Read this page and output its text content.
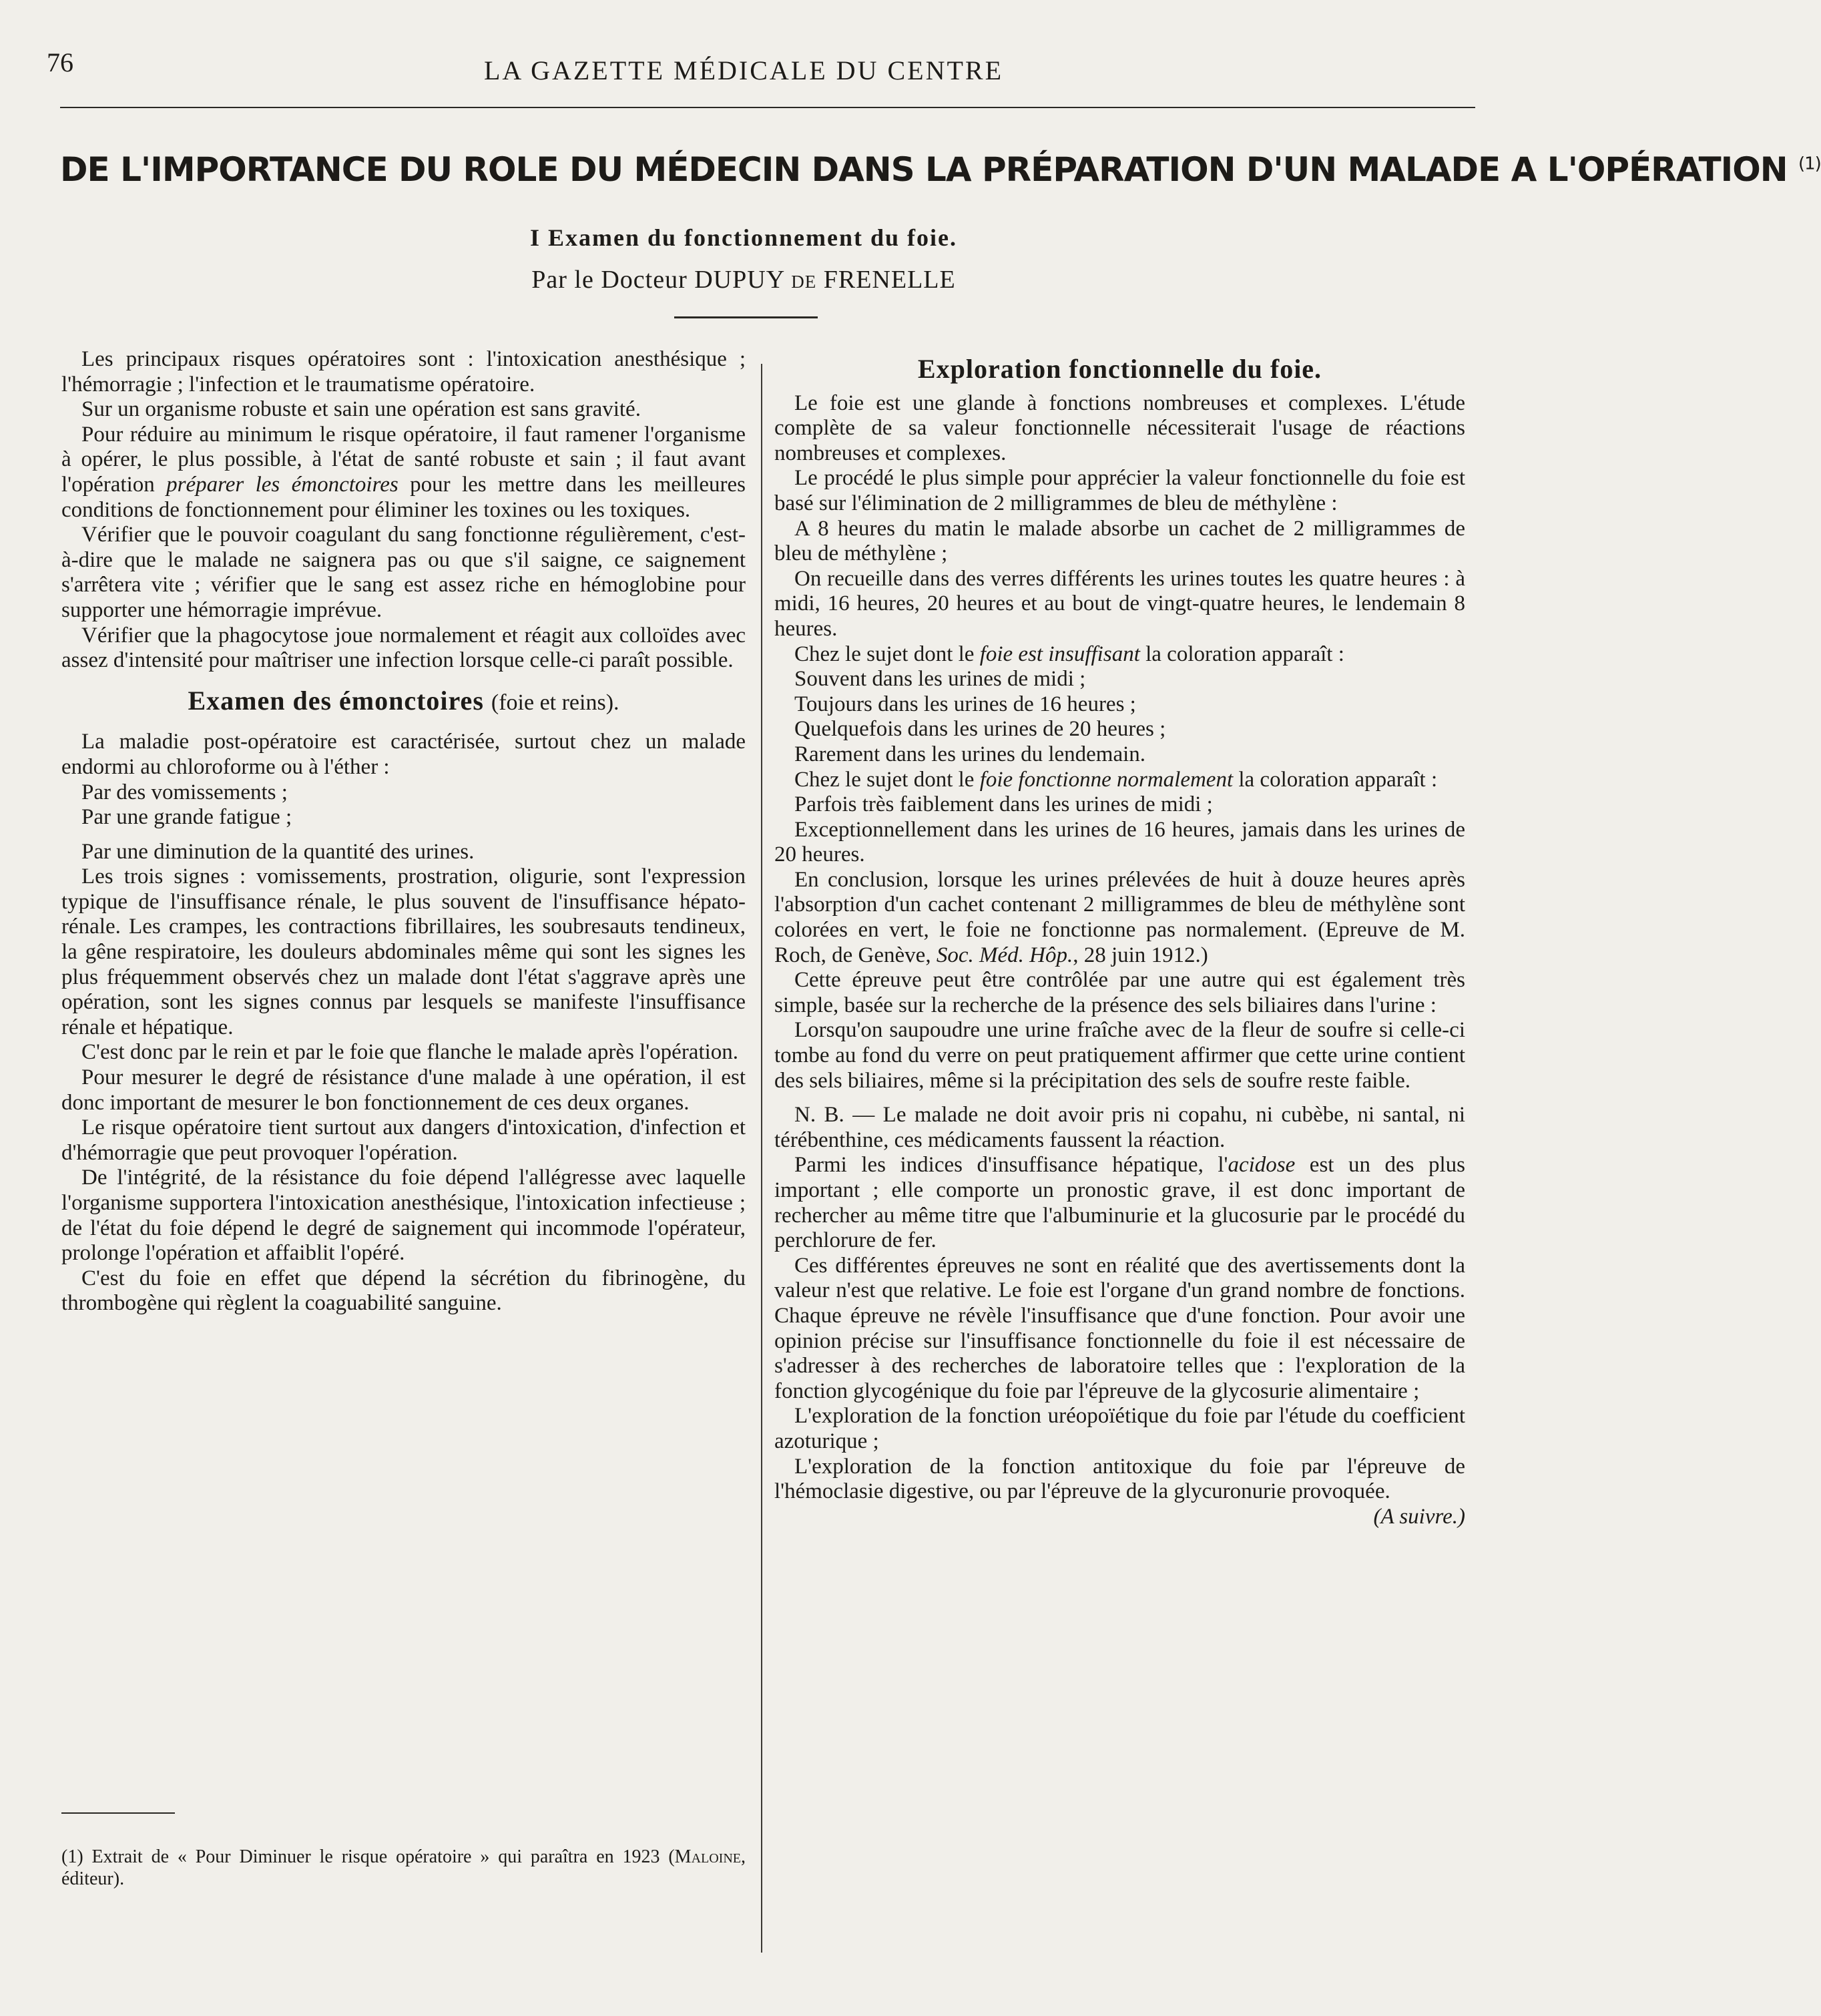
76	LA GAZETTE MÉDICALE DU CENTRE
DE L'IMPORTANCE DU ROLE DU MÉDECIN DANS LA PRÉPARATION D'UN MALADE A L'OPÉRATION $^{(1)}$
I Examen du fonctionnement du foie.
Par le Docteur DUPUY de FRENELLE

Les principaux risques opératoires sont : l'intoxication anesthésique ; l'hémorragie ; l'infection et le traumatisme opératoire.

Sur un organisme robuste et sain une opération est sans gravité.

Pour réduire au minimum le risque opératoire, il faut ramener l'organisme à opérer, le plus possible, à l'état de santé robuste et sain ; il faut avant l'opération préparer les émonctoires pour les mettre dans les meilleures conditions de fonctionnement pour éliminer les toxines ou les toxiques.

Vérifier que le pouvoir coagulant du sang fonctionne régulièrement, c'est-à-dire que le malade ne saignera pas ou que s'il saigne, ce saignement s'arrêtera vite ; vérifier que le sang est assez riche en hémoglobine pour supporter une hémorragie imprévue.

Vérifier que la phagocytose joue normalement et réagit aux colloïdes avec assez d'intensité pour maîtriser une infection lorsque celle-ci paraît possible.

Examen des émonctoires (foie et reins).

La maladie post-opératoire est caractérisée, surtout chez un malade endormi au chloroforme ou à l'éther :

Par des vomissements ;

Par une grande fatigue ;

Par une diminution de la quantité des urines.

Les trois signes : vomissements, prostration, oligurie, sont l'expression typique de l'insuffisance rénale, le plus souvent de l'insuffisance hépato-rénale. Les crampes, les contractions fibrillaires, les soubresauts tendineux, la gêne respiratoire, les douleurs abdominales même qui sont les signes les plus fréquemment observés chez un malade dont l'état s'aggrave après une opération, sont les signes connus par lesquels se manifeste l'insuffisance rénale et hépatique.

C'est donc par le rein et par le foie que flanche le malade après l'opération.

Pour mesurer le degré de résistance d'une malade à une opération, il est donc important de mesurer le bon fonctionnement de ces deux organes.

Le risque opératoire tient surtout aux dangers d'intoxication, d'infection et d'hémorragie que peut provoquer l'opération.

De l'intégrité, de la résistance du foie dépend l'allégresse avec laquelle l'organisme supportera l'intoxication anesthésique, l'intoxication infectieuse ; de l'état du foie dépend le degré de saignement qui incommode l'opérateur, prolonge l'opération et affaiblit l'opéré.

C'est du foie en effet que dépend la sécrétion du fibrinogène, du thrombogène qui règlent la coaguabilité sanguine.

Exploration fonctionnelle du foie.

Le foie est une glande à fonctions nombreuses et complexes. L'étude complète de sa valeur fonctionnelle nécessiterait l'usage de réactions nombreuses et complexes.

Le procédé le plus simple pour apprécier la valeur fonctionnelle du foie est basé sur l'élimination de 2 milligrammes de bleu de méthylène :

A 8 heures du matin le malade absorbe un cachet de 2 milligrammes de bleu de méthylène ;

On recueille dans des verres différents les urines toutes les quatre heures : à midi, 16 heures, 20 heures et au bout de vingt-quatre heures, le lendemain 8 heures.

Chez le sujet dont le foie est insuffisant la coloration apparaît :

Souvent dans les urines de midi ;

Toujours dans les urines de 16 heures ;

Quelquefois dans les urines de 20 heures ;

Rarement dans les urines du lendemain.

Chez le sujet dont le foie fonctionne normalement la coloration apparaît :

Parfois très faiblement dans les urines de midi ;

Exceptionnellement dans les urines de 16 heures, jamais dans les urines de 20 heures.

En conclusion, lorsque les urines prélevées de huit à douze heures après l'absorption d'un cachet contenant 2 milligrammes de bleu de méthylène sont colorées en vert, le foie ne fonctionne pas normalement. (Epreuve de M. Roch, de Genève, Soc. Méd. Hôp., 28 juin 1912.)

Cette épreuve peut être contrôlée par une autre qui est également très simple, basée sur la recherche de la présence des sels biliaires dans l'urine :

Lorsqu'on saupoudre une urine fraîche avec de la fleur de soufre si celle-ci tombe au fond du verre on peut pratiquement affirmer que cette urine contient des sels biliaires, même si la précipitation des sels de soufre reste faible.

N. B. — Le malade ne doit avoir pris ni copahu, ni cubèbe, ni santal, ni térébenthine, ces médicaments faussent la réaction.

Parmi les indices d'insuffisance hépatique, l'acidose est un des plus important ; elle comporte un pronostic grave, il est donc important de rechercher au même titre que l'albuminurie et la glucosurie par le procédé du perchlorure de fer.

Ces différentes épreuves ne sont en réalité que des avertissements dont la valeur n'est que relative. Le foie est l'organe d'un grand nombre de fonctions. Chaque épreuve ne révèle l'insuffisance que d'une fonction. Pour avoir une opinion précise sur l'insuffisance fonctionnelle du foie il est nécessaire de s'adresser à des recherches de laboratoire telles que : l'exploration de la fonction glycogénique du foie par l'épreuve de la glycosurie alimentaire ;

L'exploration de la fonction uréopoïétique du foie par l'étude du coefficient azoturique ;

L'exploration de la fonction antitoxique du foie par l'épreuve de l'hémoclasie digestive, ou par l'épreuve de la glycuronurie provoquée.
(A suivre.)

(1) Extrait de « Pour Diminuer le risque opératoire » qui paraîtra en 1923 (Maloine, éditeur).
